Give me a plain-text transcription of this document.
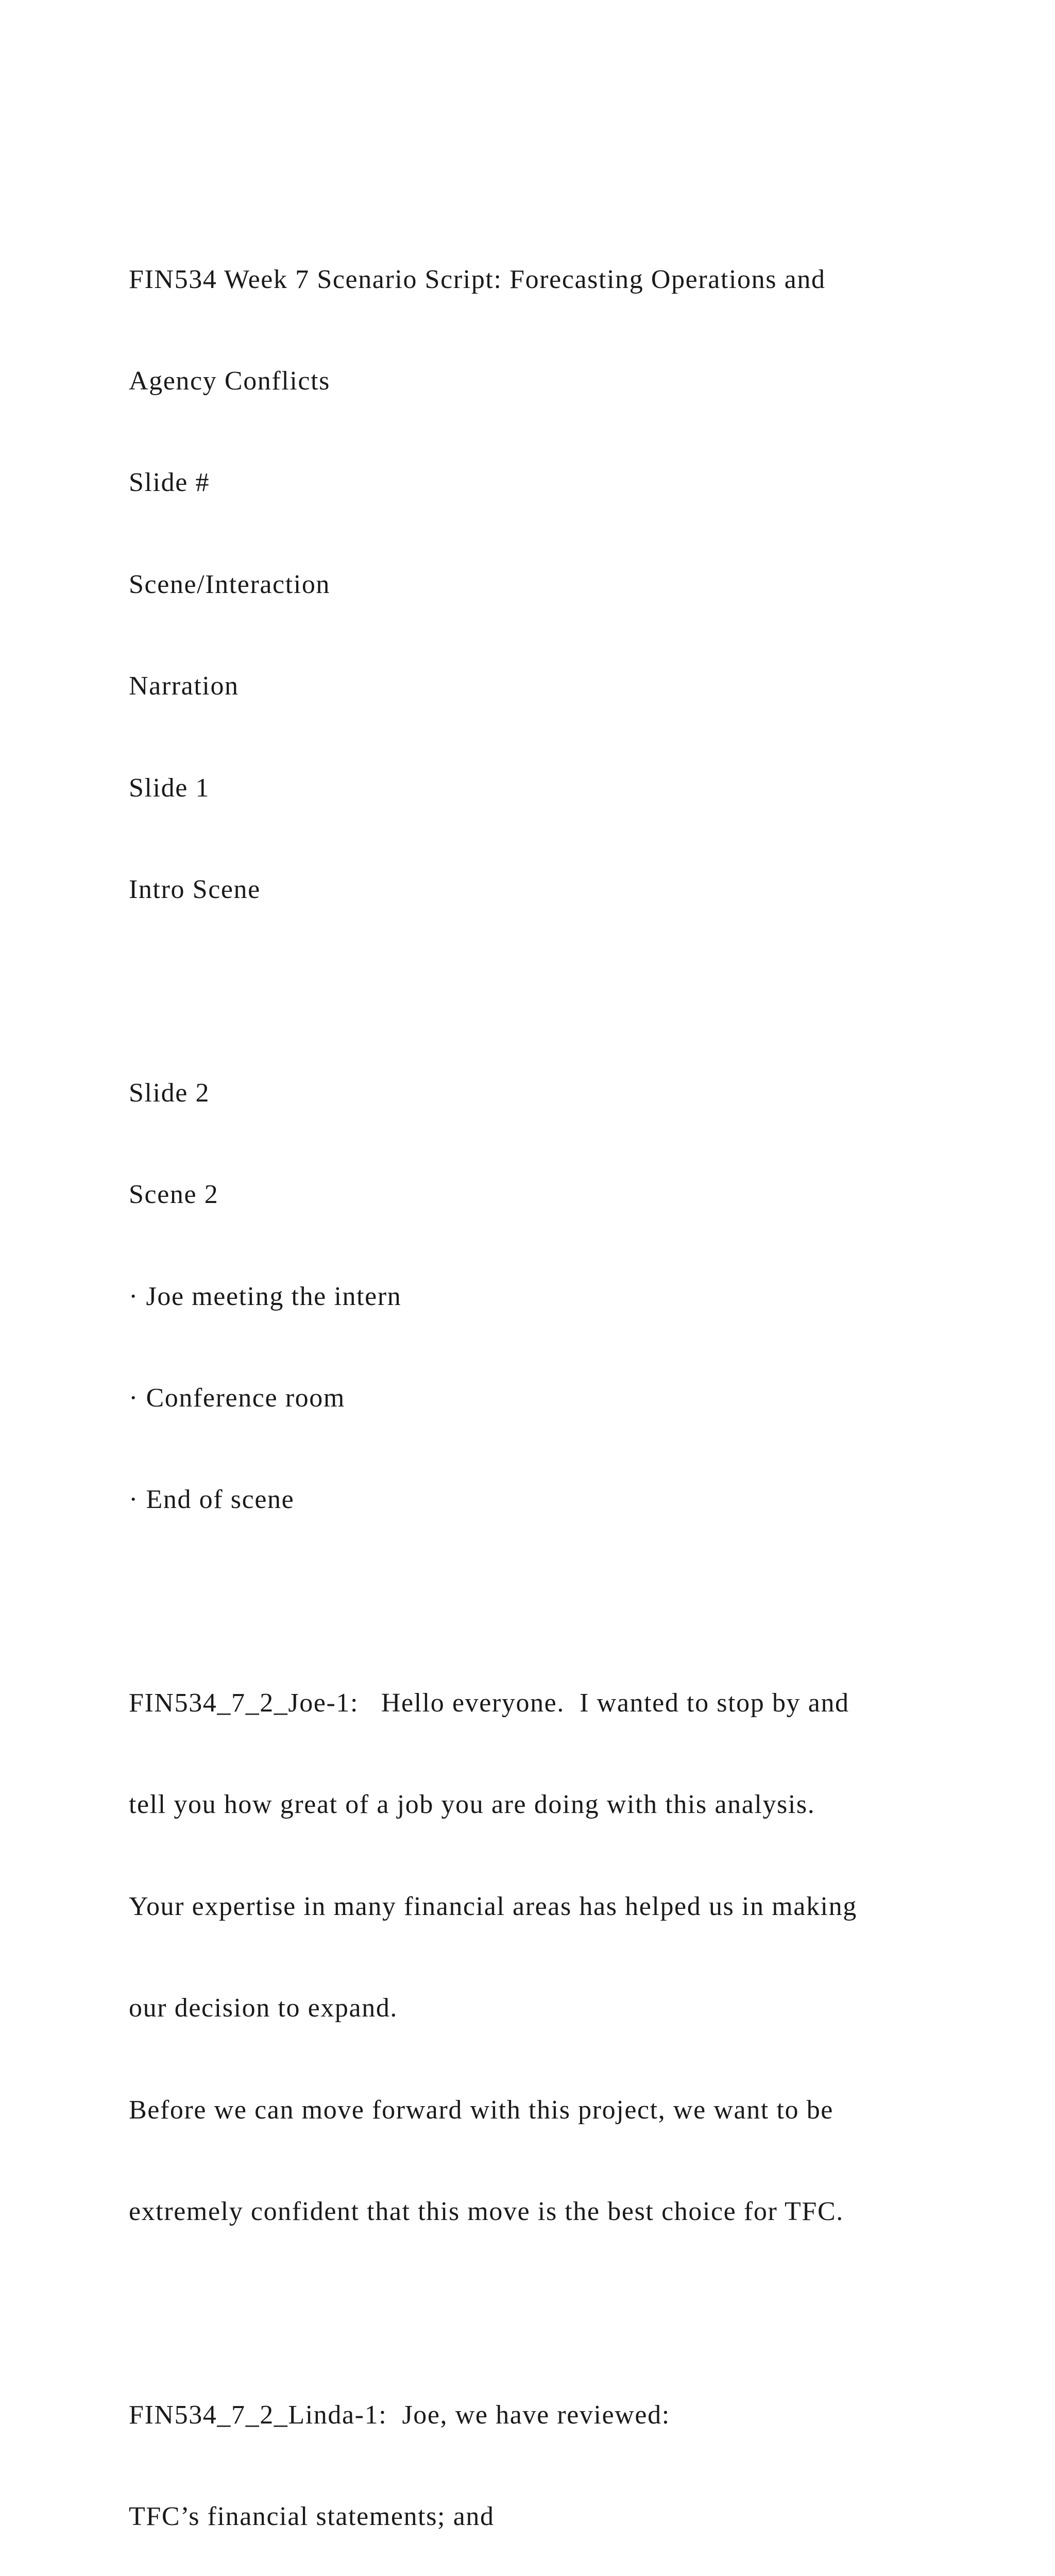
FIN534 Week 7 Scenario Script: Forecasting Operations and

Agency Conflicts

Slide #

Scene/Interaction

Narration

Slide 1

Intro Scene

Slide 2

Scene 2

· Joe meeting the intern

· Conference room

· End of scene

FIN534_7_2_Joe-1:   Hello everyone.  I wanted to stop by and

tell you how great of a job you are doing with this analysis.

Your expertise in many financial areas has helped us in making

our decision to expand.

Before we can move forward with this project, we want to be

extremely confident that this move is the best choice for TFC.

FIN534_7_2_Linda-1:  Joe, we have reviewed:

TFC’s financial statements; and
